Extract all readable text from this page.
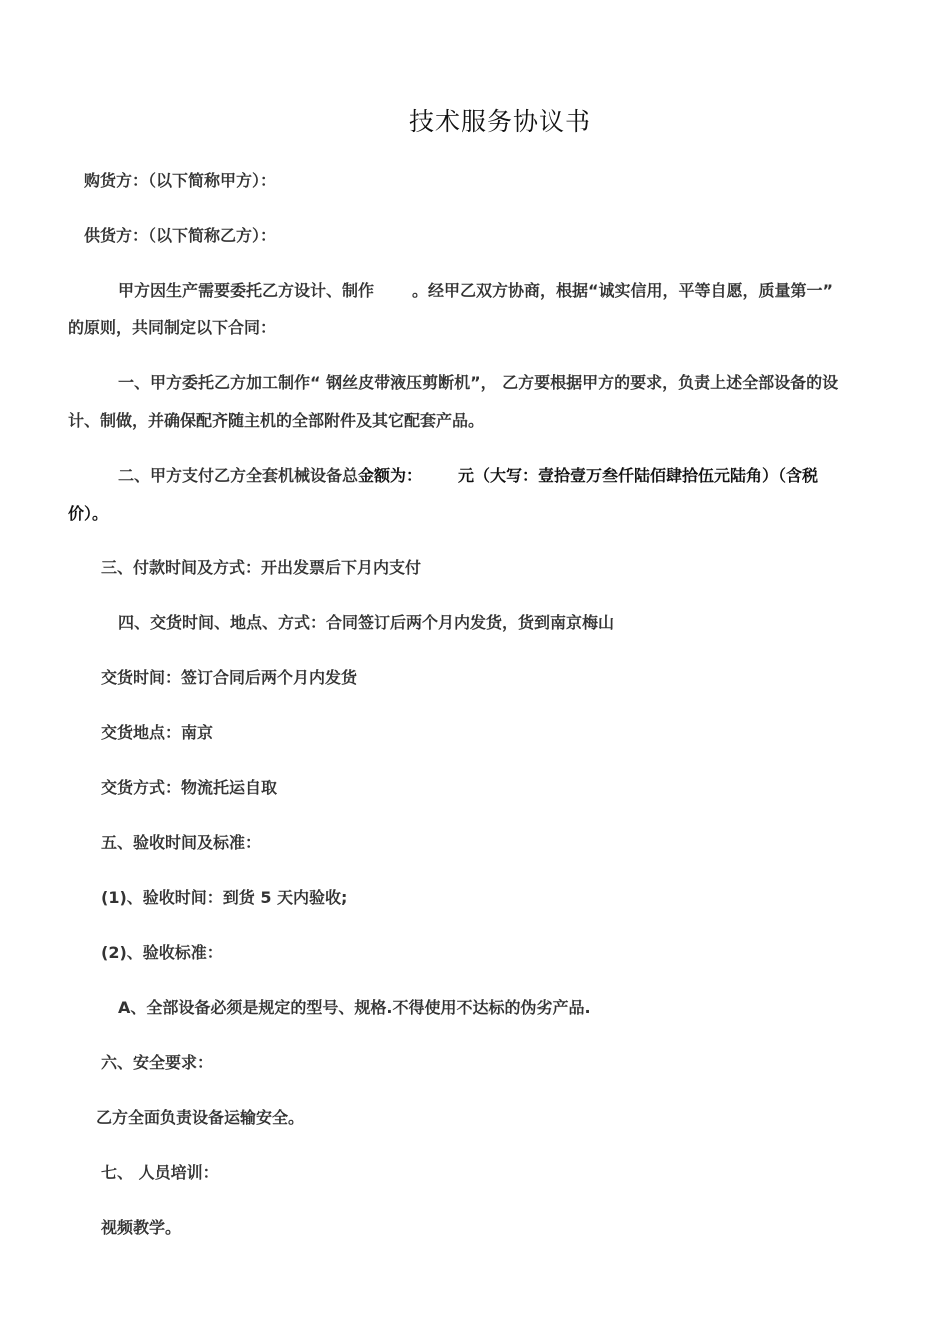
技术服务协议书
购货方：（以下简称甲方）：
供货方：（以下简称乙方）：
甲方因生产需要委托乙方设计、制作 。经甲乙双方协商，根据“诚实信用，平等自愿，质量第一”
的原则，共同制定以下合同：
一、甲方委托乙方加工制作“ 钢丝皮带液压剪断机”， 乙方要根据甲方的要求，负责上述全部设备的设
计、制做，并确保配齐随主机的全部附件及其它配套产品。
二、甲方支付乙方全套机械设备总金额为： 元（大写：壹拾壹万叁仟陆佰肆拾伍元陆角）（含税
价）。
三、付款时间及方式：开出发票后下月内支付
四、交货时间、地点、方式：合同签订后两个月内发货，货到南京梅山
交货时间：签订合同后两个月内发货
交货地点：南京
交货方式：物流托运自取
五、验收时间及标准：
(1)、验收时间：到货 5 天内验收;
(2)、验收标准：
A、全部设备必须是规定的型号、规格.不得使用不达标的伪劣产品.
六、安全要求：
乙方全面负责设备运输安全。
七、 人员培训：
视频教学。
